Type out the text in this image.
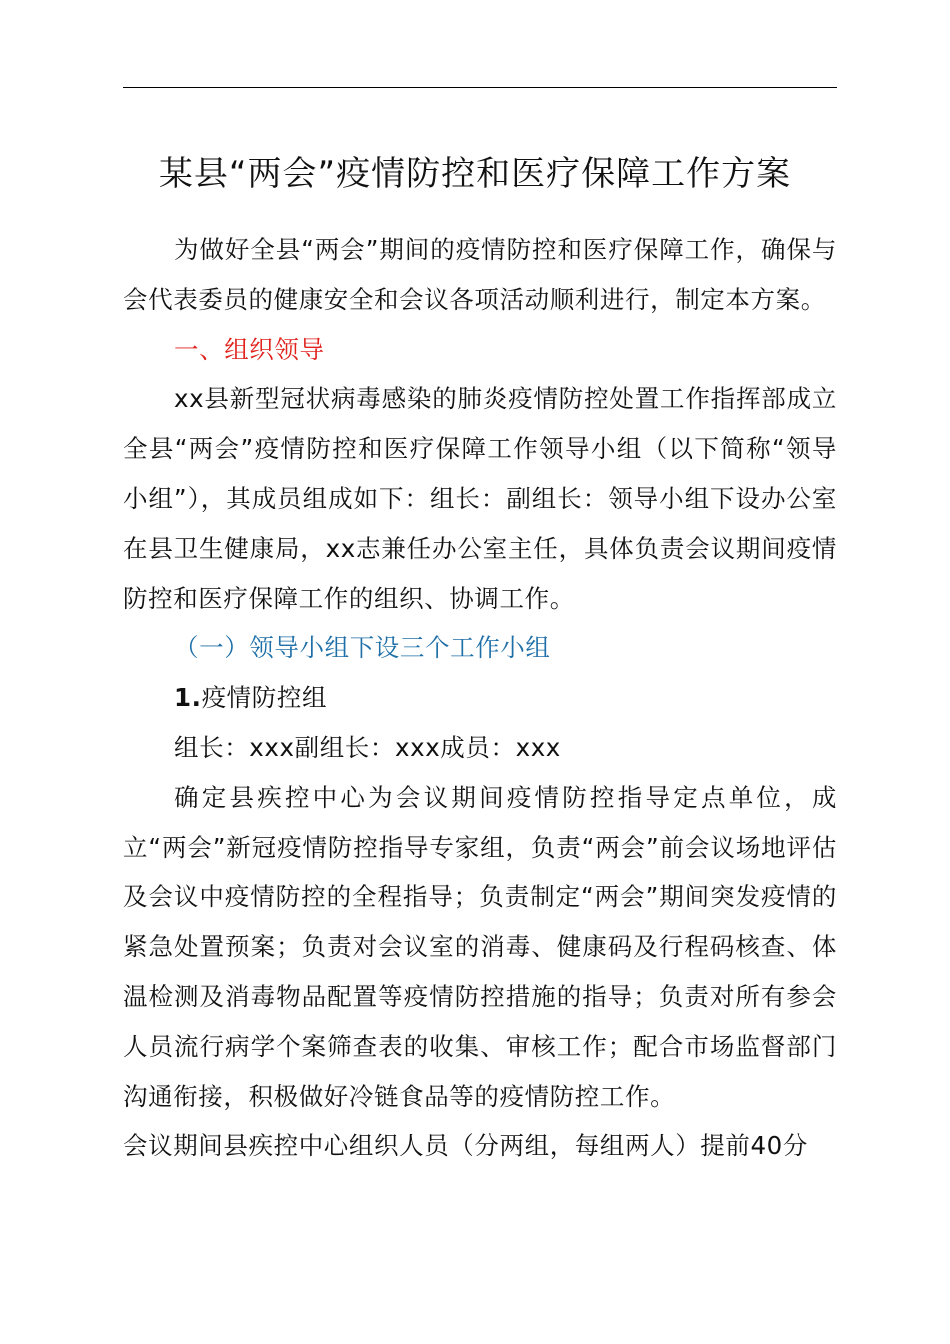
某县“两会”疫情防控和医疗保障工作方案

为做好全县“两会”期间的疫情防控和医疗保障工作，确保与会代表委员的健康安全和会议各项活动顺利进行，制定本方案。

一、组织领导

xx县新型冠状病毒感染的肺炎疫情防控处置工作指挥部成立全县“两会”疫情防控和医疗保障工作领导小组（以下简称“领导小组”），其成员组成如下：组长：副组长：领导小组下设办公室在县卫生健康局，xx志兼任办公室主任，具体负责会议期间疫情防控和医疗保障工作的组织、协调工作。

（一）领导小组下设三个工作小组

1.疫情防控组

组长：xxx副组长：xxx成员：xxx

确定县疾控中心为会议期间疫情防控指导定点单位，成立“两会”新冠疫情防控指导专家组，负责“两会”前会议场地评估及会议中疫情防控的全程指导；负责制定“两会”期间突发疫情的紧急处置预案；负责对会议室的消毒、健康码及行程码核查、体温检测及消毒物品配置等疫情防控措施的指导；负责对所有参会人员流行病学个案筛查表的收集、审核工作；配合市场监督部门沟通衔接，积极做好冷链食品等的疫情防控工作。

会议期间县疾控中心组织人员（分两组，每组两人）提前40分
